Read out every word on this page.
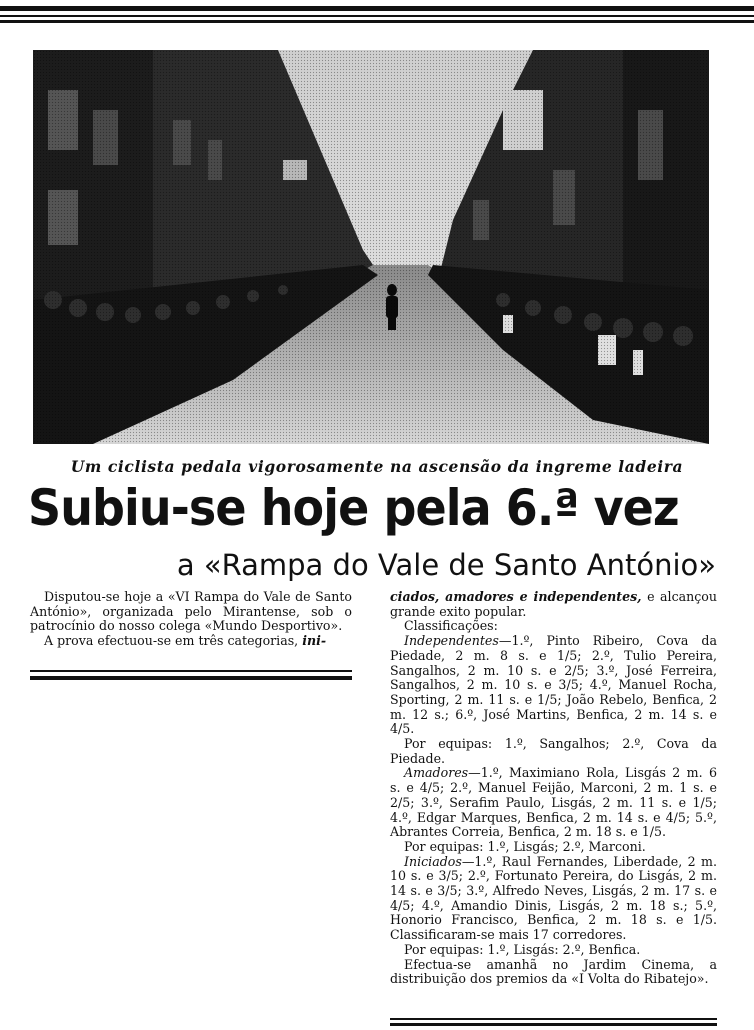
Um ciclista pedala vigorosamente na ascensão da ingreme ladeira
Subiu-se hoje pela 6.ª vez
a «Rampa do Vale de Santo António»

Disputou-se hoje a «VI Rampa do Vale de Santo António», organizada pelo Mirantense, sob o patrocínio do nosso colega «Mundo Desportivo».

A prova efectuou-se em três categorias, ini-

ciados, amadores e independentes, e alcançou grande exito popular.

Classificações:

Independentes—1.º, Pinto Ribeiro, Cova da Piedade, 2 m. 8 s. e 1/5; 2.º, Tulio Pereira, Sangalhos, 2 m. 10 s. e 2/5; 3.º, José Ferreira, Sangalhos, 2 m. 10 s. e 3/5; 4.º, Manuel Rocha, Sporting, 2 m. 11 s. e 1/5; João Rebelo, Benfica, 2 m. 12 s.; 6.º, José Martins, Benfica, 2 m. 14 s. e 4/5.

Por equipas: 1.º, Sangalhos; 2.º, Cova da Piedade.

Amadores—1.º, Maximiano Rola, Lisgás 2 m. 6 s. e 4/5; 2.º, Manuel Feijão, Marconi, 2 m. 1 s. e 2/5; 3.º, Serafim Paulo, Lisgás, 2 m. 11 s. e 1/5; 4.º, Edgar Marques, Benfica, 2 m. 14 s. e 4/5; 5.º, Abrantes Correia, Benfica, 2 m. 18 s. e 1/5.

Por equipas: 1.º, Lisgás; 2.º, Marconi.

Iniciados—1.º, Raul Fernandes, Liberdade, 2 m. 10 s. e 3/5; 2.º, Fortunato Pereira, do Lisgás, 2 m. 14 s. e 3/5; 3.º, Alfredo Neves, Lisgás, 2 m. 17 s. e 4/5; 4.º, Amandio Dinis, Lisgás, 2 m. 18 s.; 5.º, Honorio Francisco, Benfica, 2 m. 18 s. e 1/5. Classificaram-se mais 17 corredores.

Por equipas: 1.º, Lisgás: 2.º, Benfica.

Efectua-se amanhã no Jardim Cinema, a distribuição dos premios da «I Volta do Ribatejo».
